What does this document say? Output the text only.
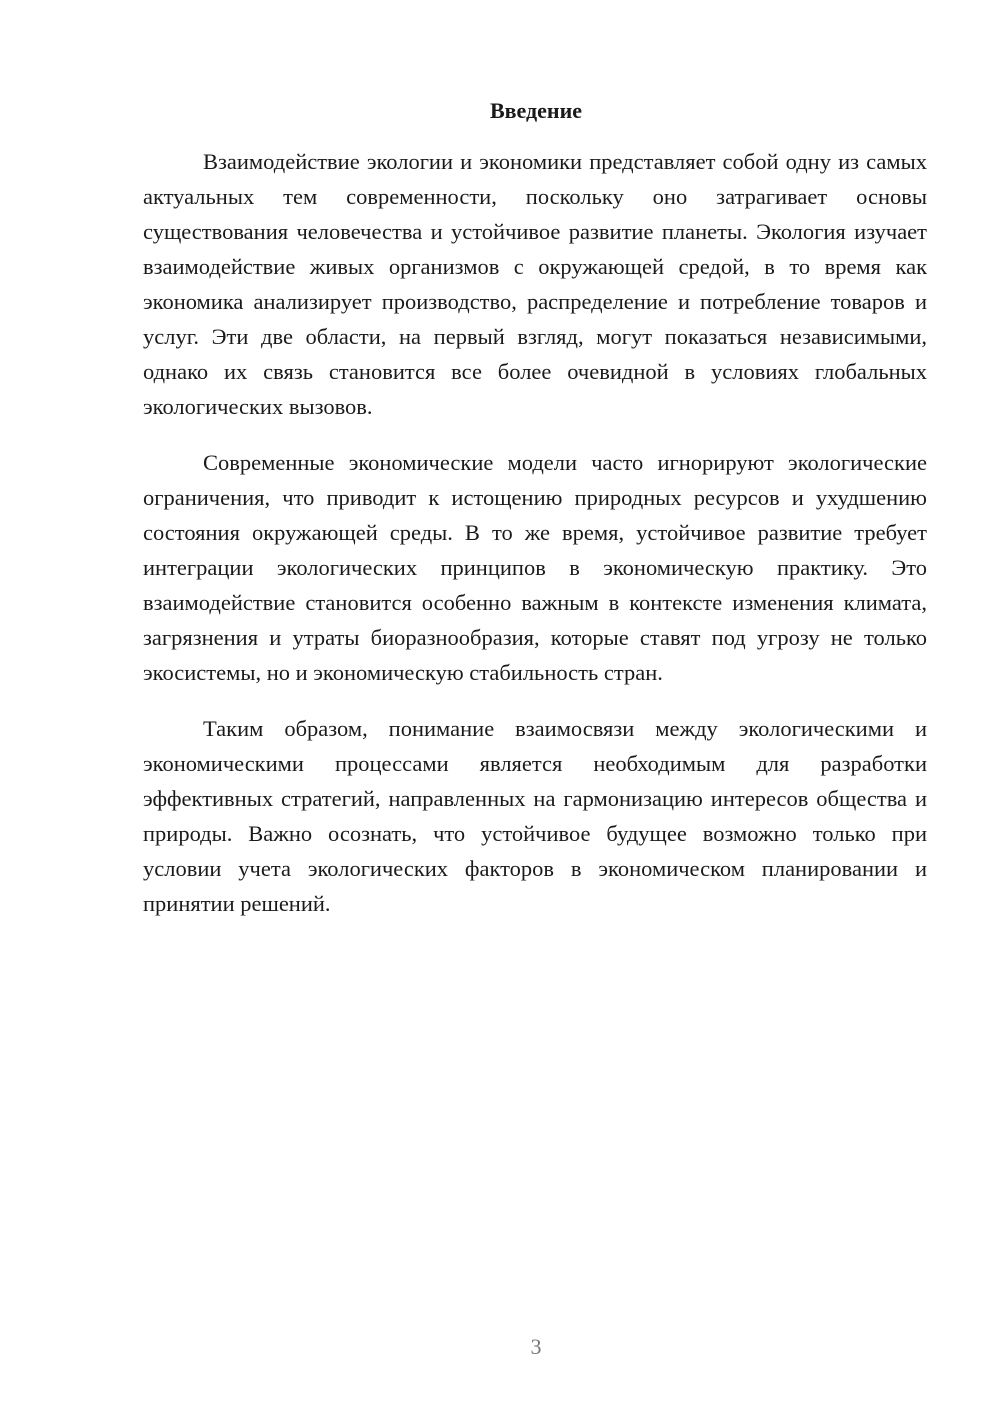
Введение

Взаимодействие экологии и экономики представляет собой одну из самых актуальных тем современности, поскольку оно затрагивает основы существования человечества и устойчивое развитие планеты. Экология изучает взаимодействие живых организмов с окружающей средой, в то время как экономика анализирует производство, распределение и потребление товаров и услуг. Эти две области, на первый взгляд, могут показаться независимыми, однако их связь становится все более очевидной в условиях глобальных экологических вызовов.

Современные экономические модели часто игнорируют экологические ограничения, что приводит к истощению природных ресурсов и ухудшению состояния окружающей среды. В то же время, устойчивое развитие требует интеграции экологических принципов в экономическую практику. Это взаимодействие становится особенно важным в контексте изменения климата, загрязнения и утраты биоразнообразия, которые ставят под угрозу не только экосистемы, но и экономическую стабильность стран.

Таким образом, понимание взаимосвязи между экологическими и экономическими процессами является необходимым для разработки эффективных стратегий, направленных на гармонизацию интересов общества и природы. Важно осознать, что устойчивое будущее возможно только при условии учета экологических факторов в экономическом планировании и принятии решений.

3
